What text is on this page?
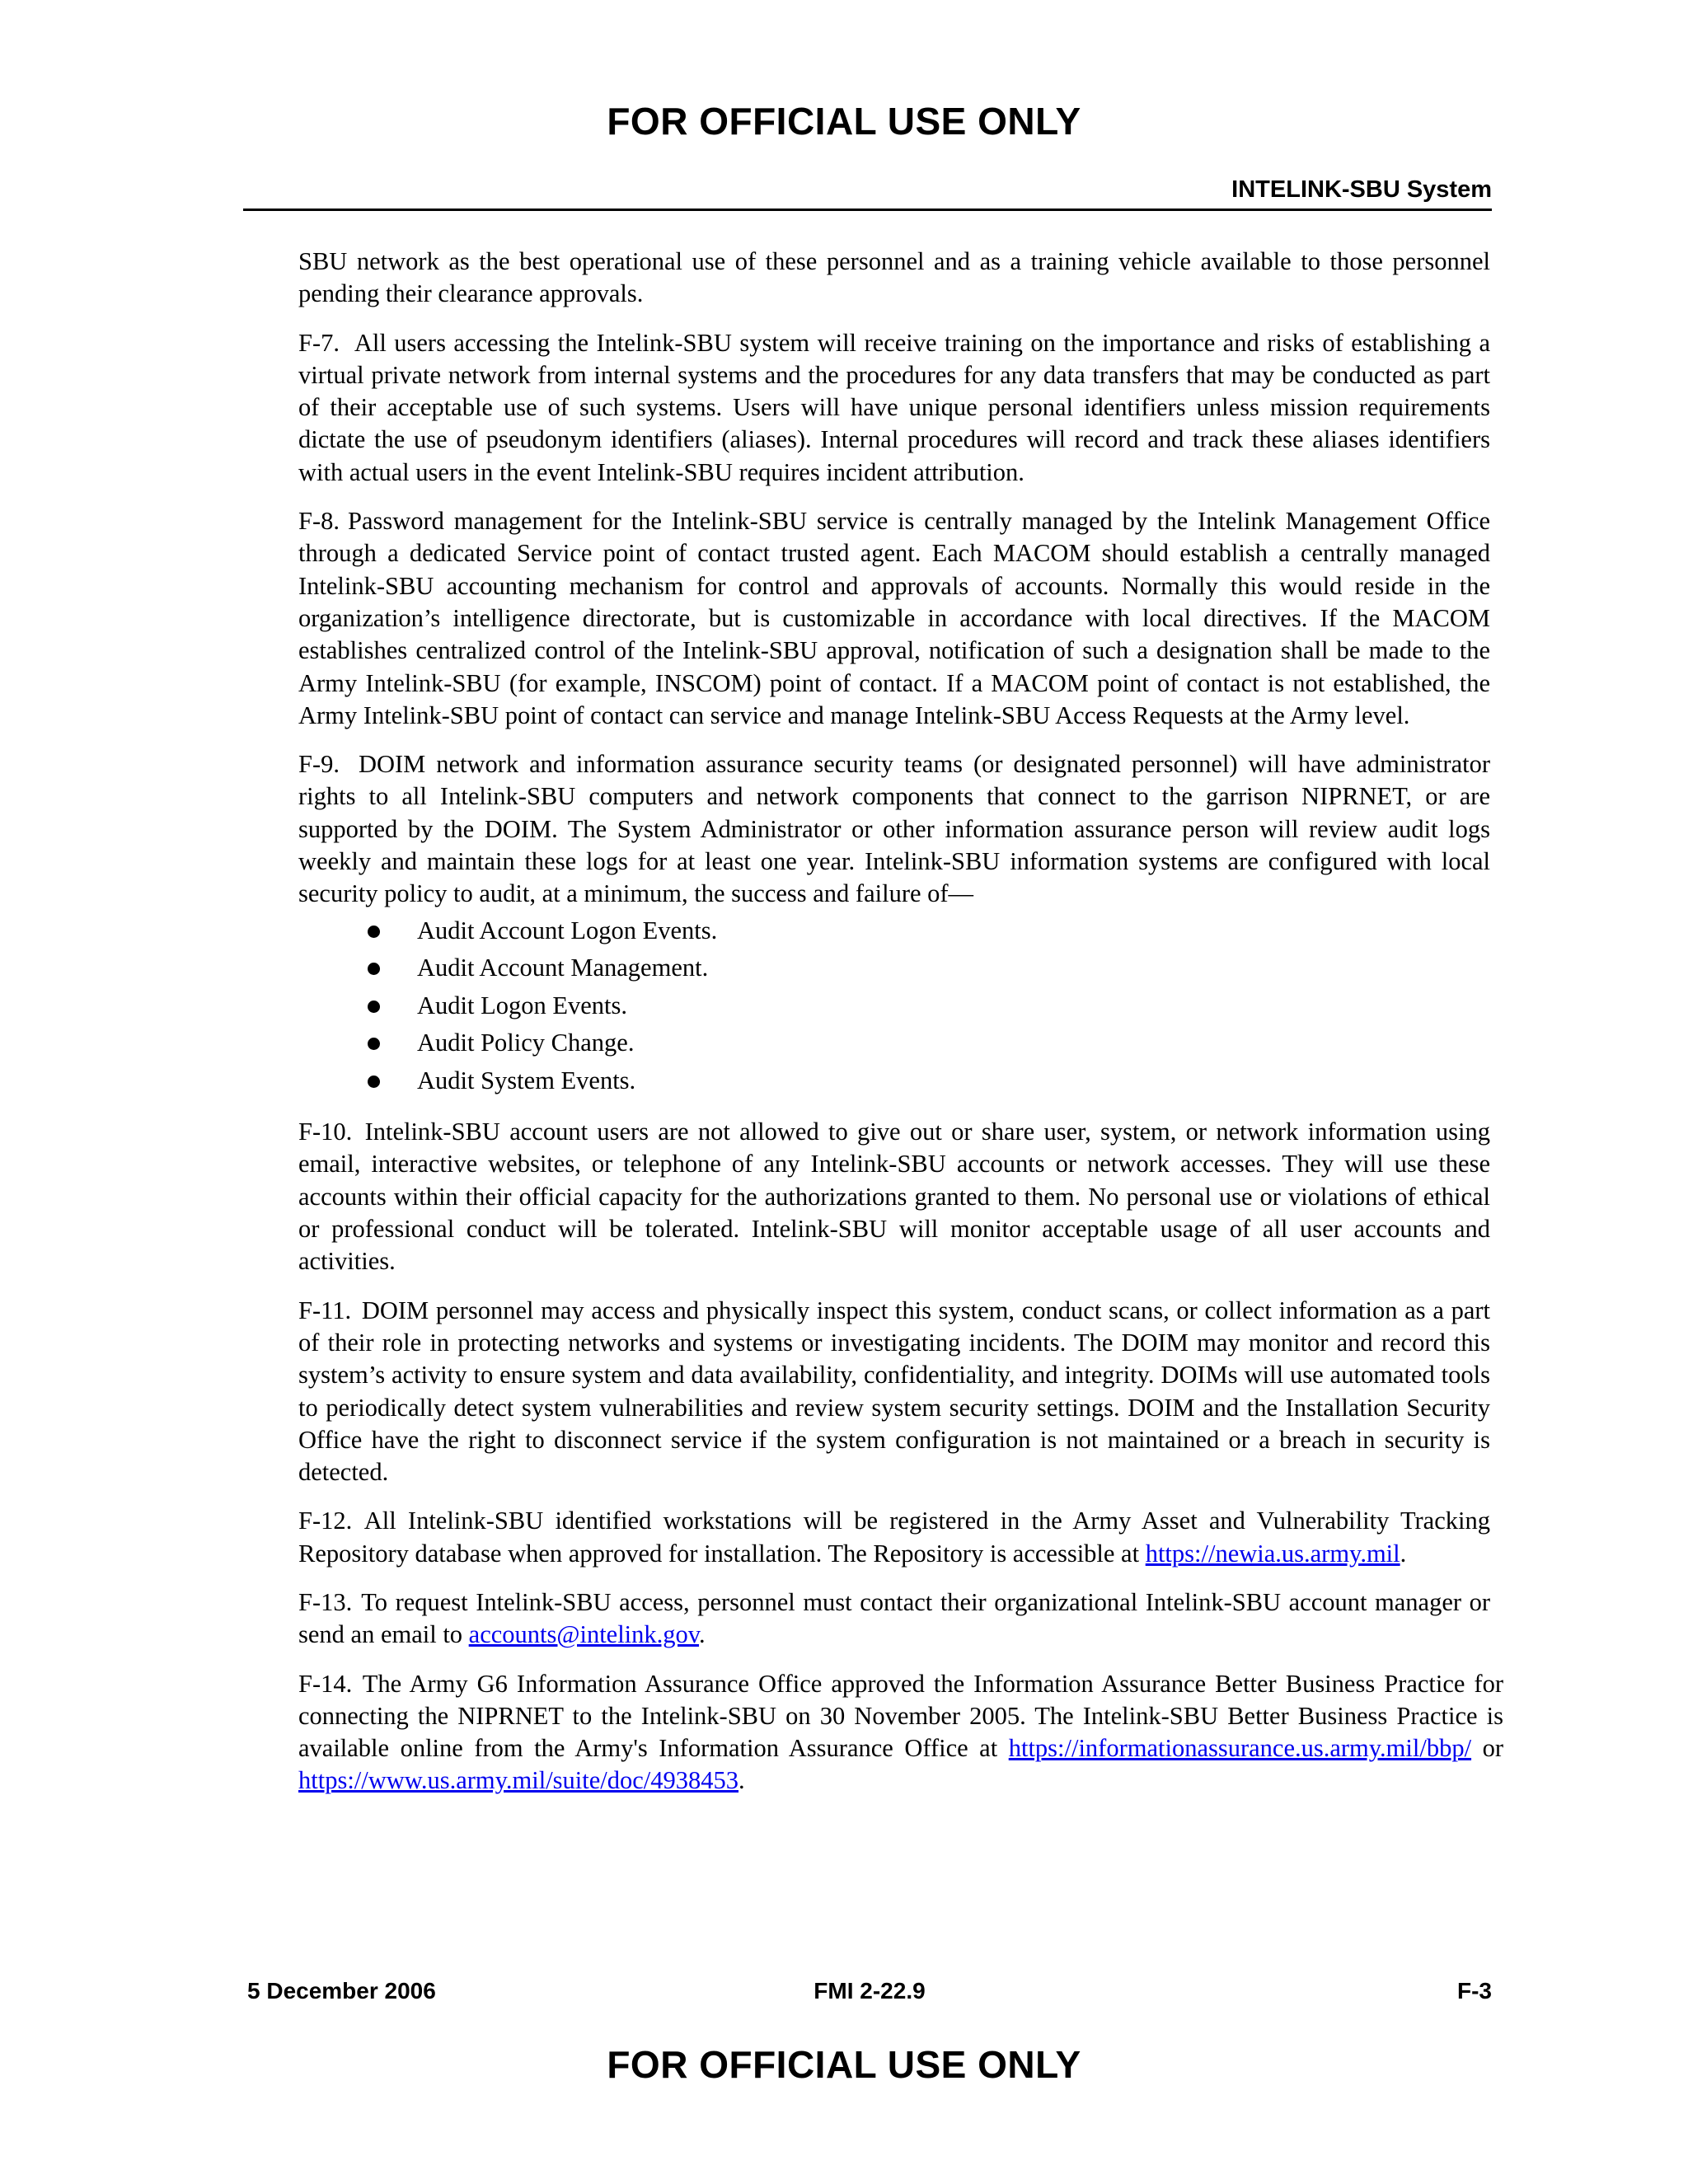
FOR OFFICIAL USE ONLY
INTELINK-SBU System

SBU network as the best operational use of these personnel and as a training vehicle available to those personnel pending their clearance approvals.

F-7. All users accessing the Intelink-SBU system will receive training on the importance and risks of establishing a virtual private network from internal systems and the procedures for any data transfers that may be conducted as part of their acceptable use of such systems. Users will have unique personal identifiers unless mission requirements dictate the use of pseudonym identifiers (aliases). Internal procedures will record and track these aliases identifiers with actual users in the event Intelink-SBU requires incident attribution.

F-8. Password management for the Intelink-SBU service is centrally managed by the Intelink Management Office through a dedicated Service point of contact trusted agent. Each MACOM should establish a centrally managed Intelink-SBU accounting mechanism for control and approvals of accounts. Normally this would reside in the organization’s intelligence directorate, but is customizable in accordance with local directives. If the MACOM establishes centralized control of the Intelink-SBU approval, notification of such a designation shall be made to the Army Intelink-SBU (for example, INSCOM) point of contact. If a MACOM point of contact is not established, the Army Intelink-SBU point of contact can service and manage Intelink-SBU Access Requests at the Army level.

F-9. DOIM network and information assurance security teams (or designated personnel) will have administrator rights to all Intelink-SBU computers and network components that connect to the garrison NIPRNET, or are supported by the DOIM. The System Administrator or other information assurance person will review audit logs weekly and maintain these logs for at least one year. Intelink-SBU information systems are configured with local security policy to audit, at a minimum, the success and failure of—

Audit Account Logon Events.
Audit Account Management.
Audit Logon Events.
Audit Policy Change.
Audit System Events.

F-10. Intelink-SBU account users are not allowed to give out or share user, system, or network information using email, interactive websites, or telephone of any Intelink-SBU accounts or network accesses. They will use these accounts within their official capacity for the authorizations granted to them. No personal use or violations of ethical or professional conduct will be tolerated. Intelink-SBU will monitor acceptable usage of all user accounts and activities.

F-11. DOIM personnel may access and physically inspect this system, conduct scans, or collect information as a part of their role in protecting networks and systems or investigating incidents. The DOIM may monitor and record this system’s activity to ensure system and data availability, confidentiality, and integrity. DOIMs will use automated tools to periodically detect system vulnerabilities and review system security settings. DOIM and the Installation Security Office have the right to disconnect service if the system configuration is not maintained or a breach in security is detected.

F-12. All Intelink-SBU identified workstations will be registered in the Army Asset and Vulnerability Tracking Repository database when approved for installation. The Repository is accessible at https://newia.us.army.mil.

F-13. To request Intelink-SBU access, personnel must contact their organizational Intelink-SBU account manager or send an email to accounts@intelink.gov.

F-14. The Army G6 Information Assurance Office approved the Information Assurance Better Business Practice for connecting the NIPRNET to the Intelink-SBU on 30 November 2005. The Intelink-SBU Better Business Practice is available online from the Army's Information Assurance Office at https://informationassurance.us.army.mil/bbp/ or https://www.us.army.mil/suite/doc/4938453.

5 December 2006	FMI 2-22.9	F-3
FOR OFFICIAL USE ONLY
